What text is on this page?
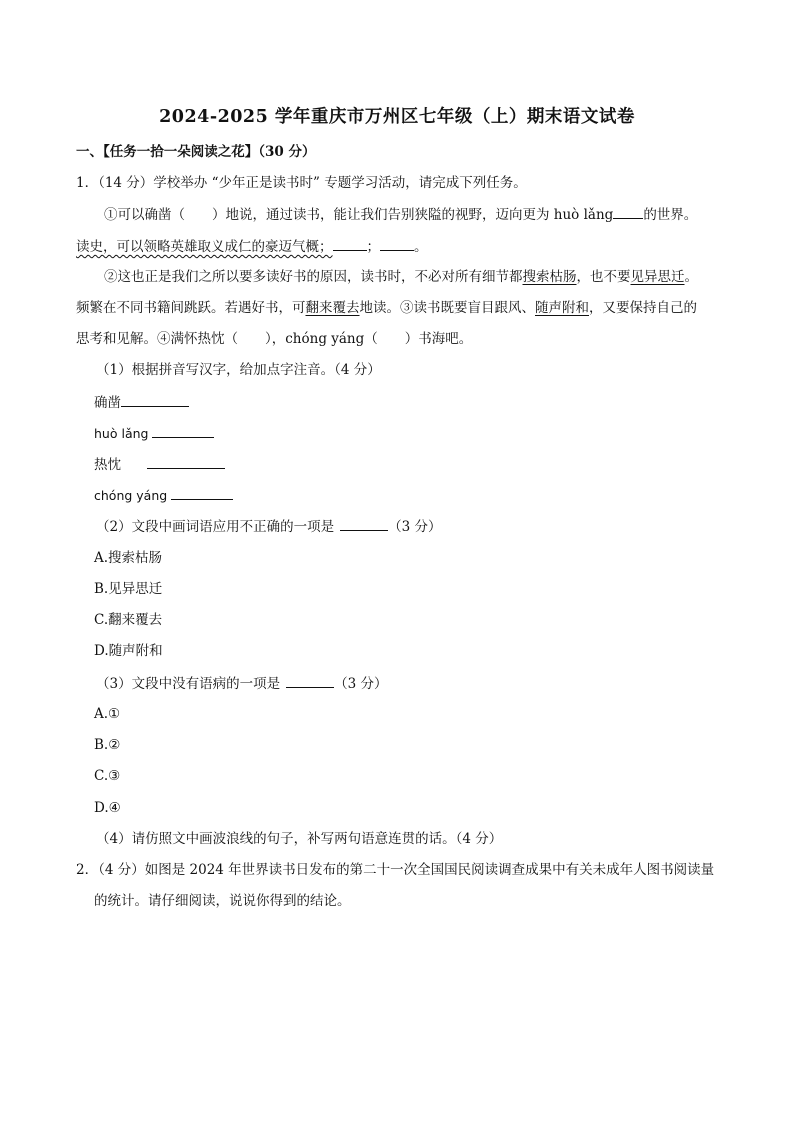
2024-2025 学年重庆市万州区七年级（上）期末语文试卷
一、【任务一拾一朵阅读之花】（30 分）
1．（14 分）学校举办 “少年正是读书时” 专题学习活动，请完成下列任务。
①可以确凿（　　）地说，通过读书，能让我们告别狭隘的视野，迈向更为 huò lǎng 的世界。
读史，可以领略英雄取义成仁的豪迈气概；	；	。
②这也正是我们之所以要多读好书的原因，读书时，不必对所有细节都搜索枯肠，也不要见异思迁。
频繁在不同书籍间跳跃。若遇好书，可翻来覆去地读。③读书既要盲目跟风、随声附和，又要保持自己的
思考和见解。④满怀热忱（　　），chóng yáng（　　）书海吧。
（1）根据拼音写汉字，给加点字注音。（4 分）
确凿
huò lǎng
热忱
chóng yáng
（2）文段中画词语应用不正确的一项是	（3 分）
A.搜索枯肠
B.见异思迁
C.翻来覆去
D.随声附和
（3）文段中没有语病的一项是	（3 分）
A.①
B.②
C.③
D.④
（4）请仿照文中画波浪线的句子，补写两句语意连贯的话。（4 分）
2．（4 分）如图是 2024 年世界读书日发布的第二十一次全国国民阅读调查成果中有关未成年人图书阅读量
的统计。请仔细阅读，说说你得到的结论。
